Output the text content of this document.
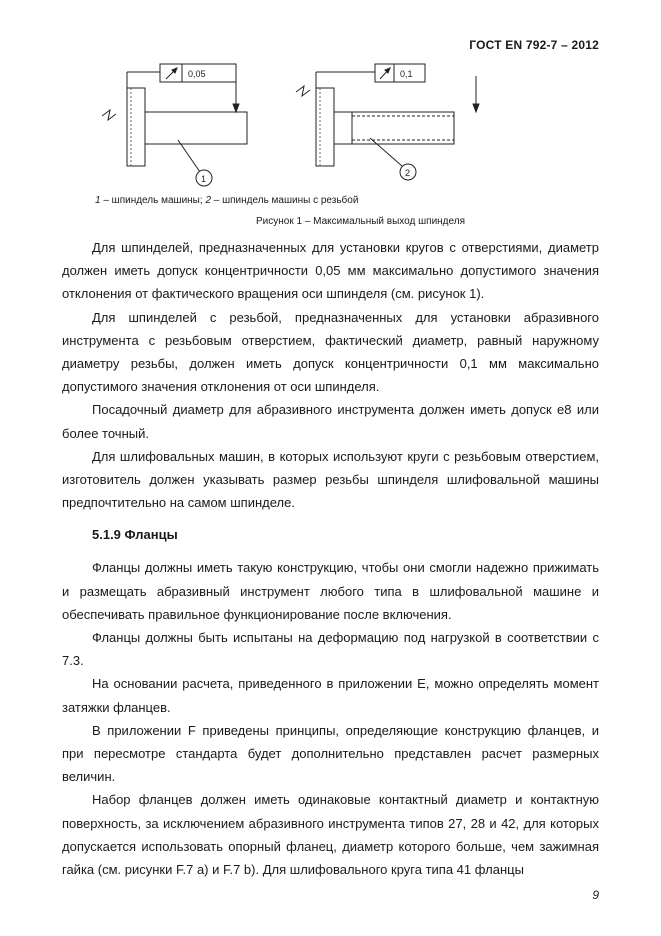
ГОСТ EN 792-7 – 2012
0,05
1
0,1
2
1 – шпиндель машины; 2 – шпиндель машины с резьбой
Рисунок 1 – Максимальный выход шпинделя

Для шпинделей, предназначенных для установки кругов с отверстиями, диаметр должен иметь допуск концентричности 0,05 мм максимально допустимого значения отклонения от фактического вращения оси шпинделя (см. рисунок 1).

Для шпинделей с резьбой, предназначенных для установки абразивного инструмента с резьбовым отверстием, фактический диаметр, равный наружному диаметру резьбы, должен иметь допуск концентричности 0,1 мм максимально допустимого значения отклонения от оси шпинделя.

Посадочный диаметр для абразивного инструмента должен иметь допуск e8 или более точный.

Для шлифовальных машин, в которых используют круги с резьбовым отверстием, изготовитель должен указывать размер резьбы шпинделя шлифовальной машины предпочтительно на самом шпинделе.

5.1.9 Фланцы

Фланцы должны иметь такую конструкцию, чтобы они смогли надежно прижимать и размещать абразивный инструмент любого типа в шлифовальной машине и обеспечивать правильное функционирование после включения.

Фланцы должны быть испытаны на деформацию под нагрузкой в соответствии с 7.3.

На основании расчета, приведенного в приложении E, можно определять момент затяжки фланцев.

В приложении F приведены принципы, определяющие конструкцию фланцев, и при пересмотре стандарта будет дополнительно представлен расчет размерных величин.

Набор фланцев должен иметь одинаковые контактный диаметр и контактную поверхность, за исключением абразивного инструмента типов 27, 28 и 42, для которых допускается использовать опорный фланец, диаметр которого больше, чем зажимная гайка (см. рисунки F.7 a) и F.7 b). Для шлифовального круга типа 41 фланцы

9
